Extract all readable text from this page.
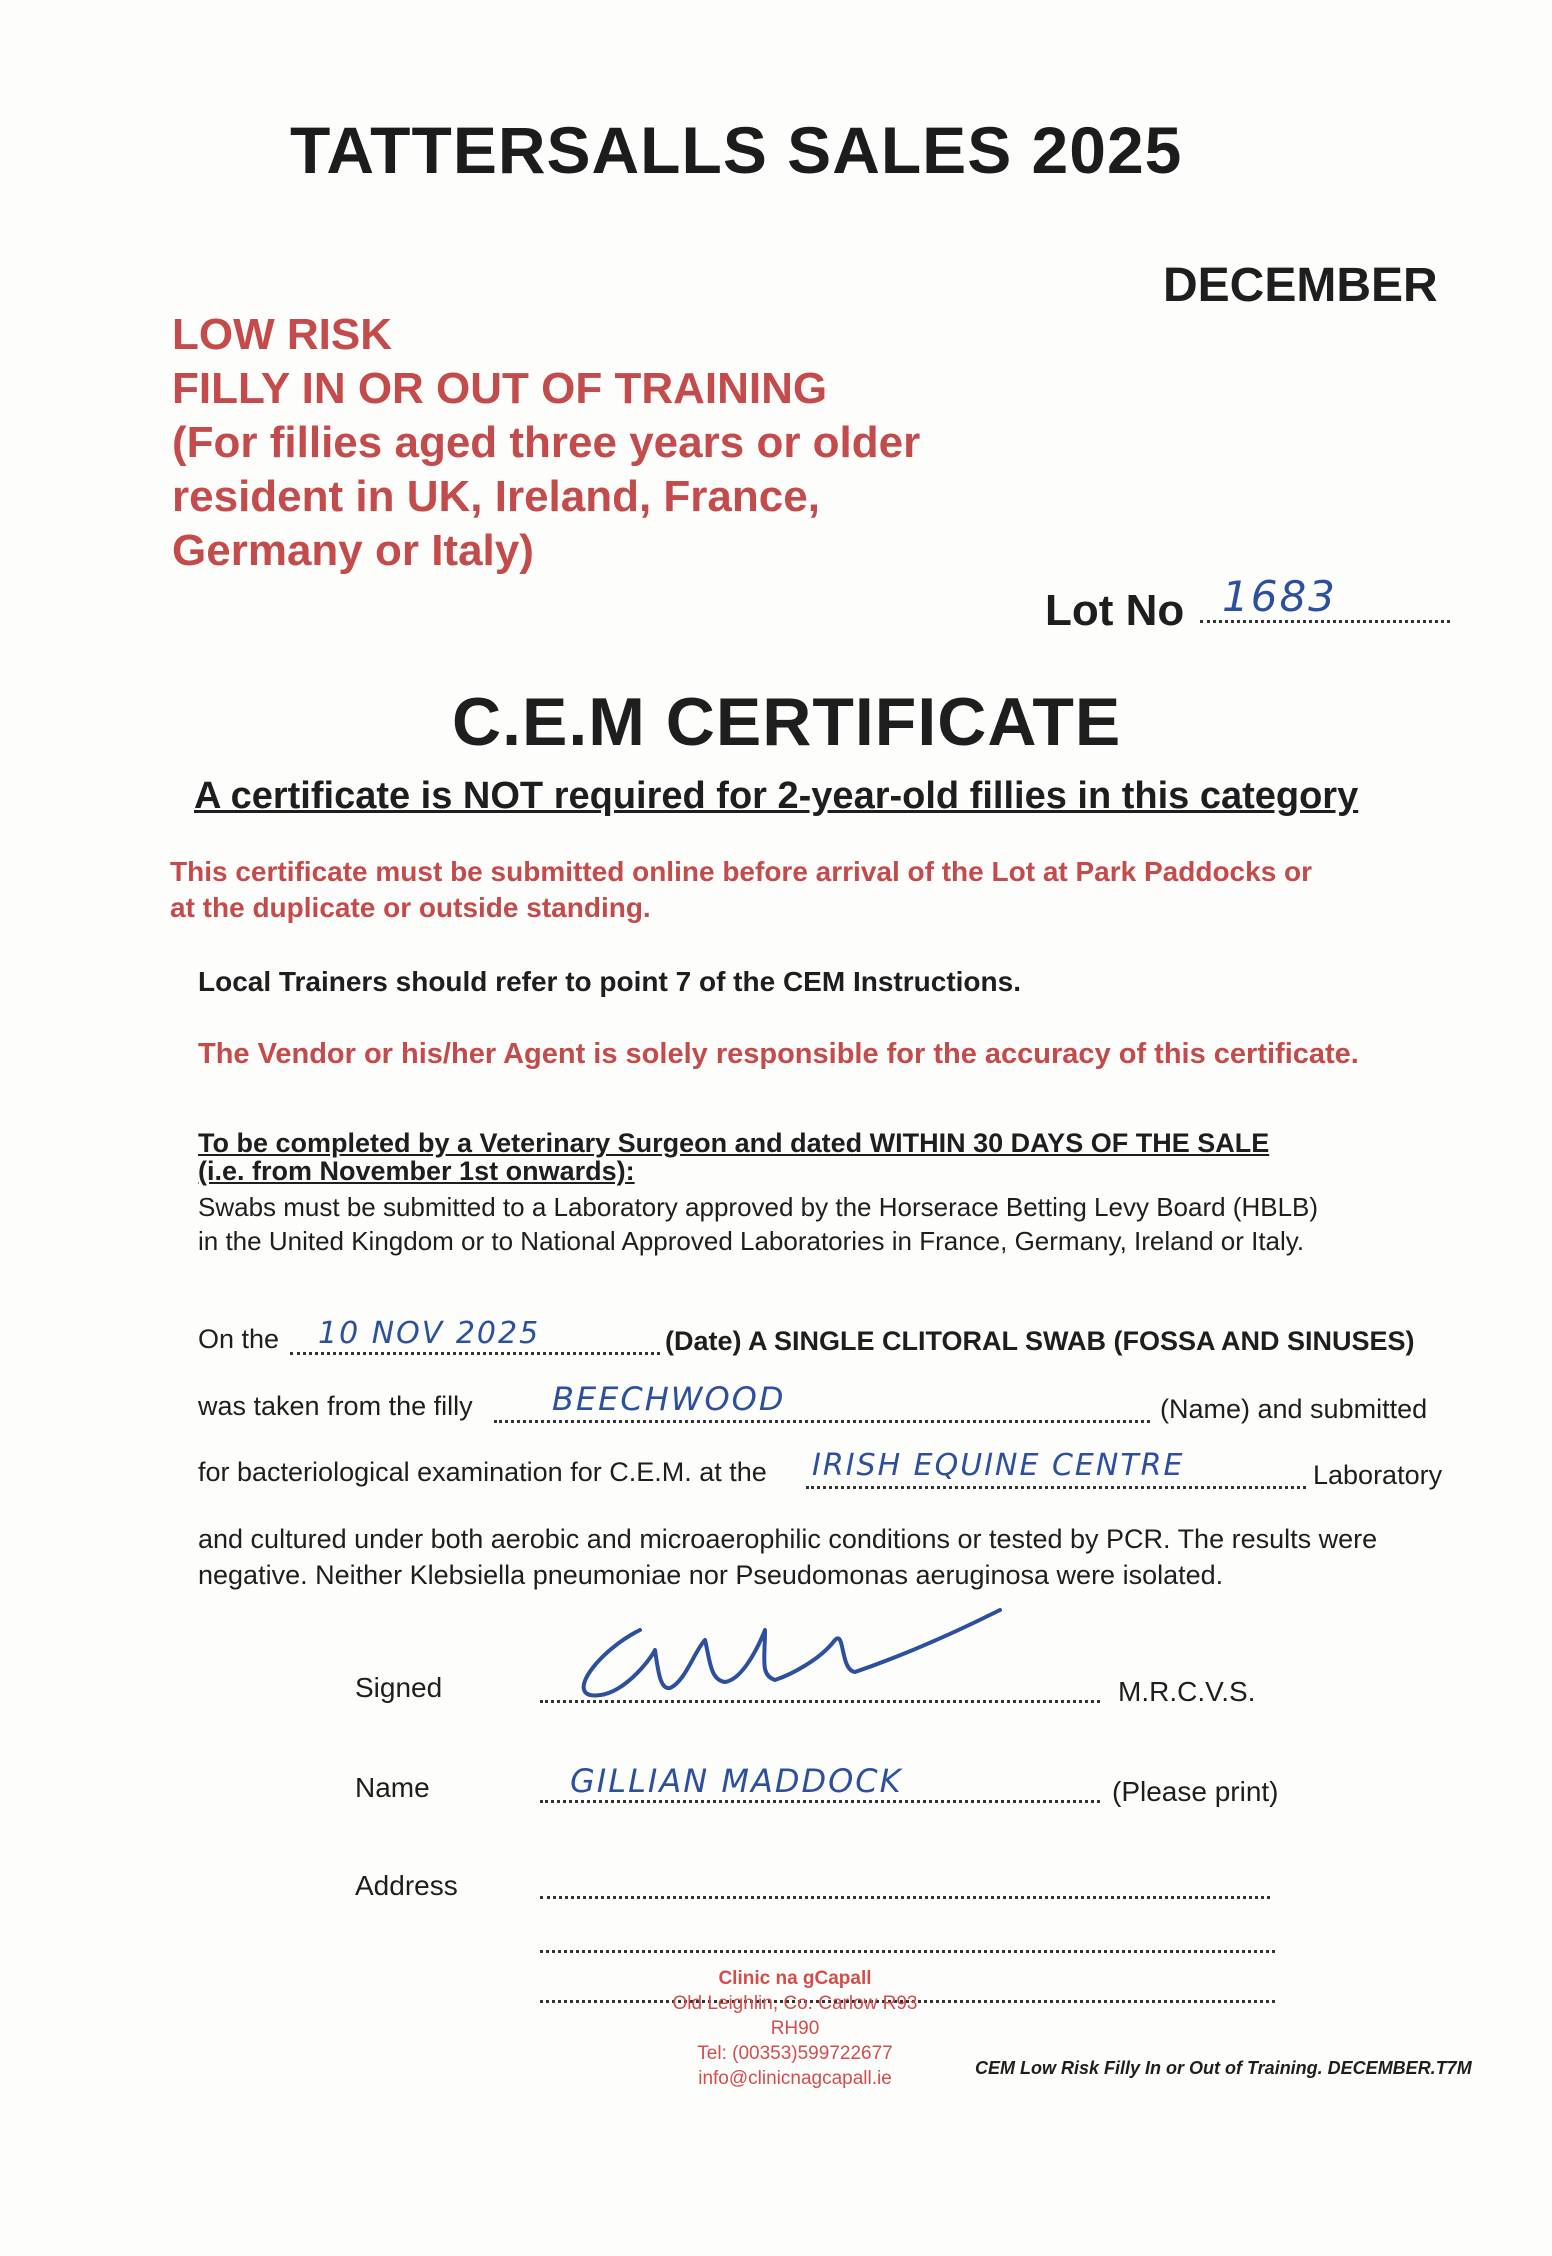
TATTERSALLS SALES 2025
DECEMBER
LOW RISK
FILLY IN OR OUT OF TRAINING
(For fillies aged three years or older
resident in UK, Ireland, France,
Germany or Italy)
Lot No 1683
C.E.M CERTIFICATE
A certificate is NOT required for 2-year-old fillies in this category
This certificate must be submitted online before arrival of the Lot at Park Paddocks or
at the duplicate or outside standing.
Local Trainers should refer to point 7 of the CEM Instructions.
The Vendor or his/her Agent is solely responsible for the accuracy of this certificate.
To be completed by a Veterinary Surgeon and dated WITHIN 30 DAYS OF THE SALE
(i.e. from November 1st onwards):
Swabs must be submitted to a Laboratory approved by the Horserace Betting Levy Board (HBLB)
in the United Kingdom or to National Approved Laboratories in France, Germany, Ireland or Italy.
On the 10 NOV 2025	(Date) A SINGLE CLITORAL SWAB (FOSSA AND SINUSES)
was taken from the filly BEECHWOOD	(Name) and submitted
for bacteriological examination for C.E.M. at the IRISH EQUINE CENTRE	Laboratory
and cultured under both aerobic and microaerophilic conditions or tested by PCR. The results were
negative. Neither Klebsiella pneumoniae nor Pseudomonas aeruginosa were isolated.
Signed	M.R.C.V.S.
Name	GILLIAN MADDOCK	(Please print)
Address
Clinic na gCapall
Old Leighlin, Co. Carlow R93 RH90
Tel: (00353)599722677
info@clinicnagcapall.ie	CEM Low Risk Filly In or Out of Training. DECEMBER.T7M
